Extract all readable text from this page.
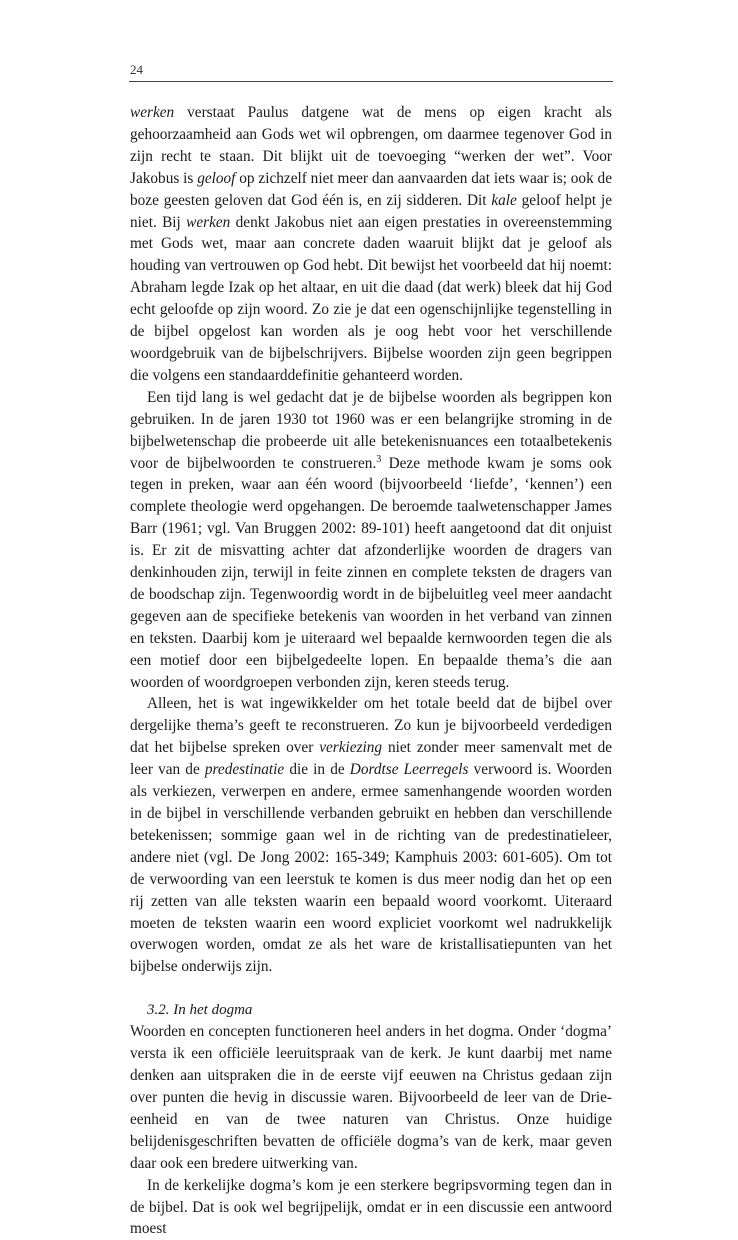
24

werken verstaat Paulus datgene wat de mens op eigen kracht als gehoorzaamheid aan Gods wet wil opbrengen, om daarmee tegenover God in zijn recht te staan. Dit blijkt uit de toevoeging “werken der wet”. Voor Jakobus is geloof op zichzelf niet meer dan aanvaarden dat iets waar is; ook de boze geesten geloven dat God één is, en zij sidderen. Dit kale geloof helpt je niet. Bij werken denkt Jakobus niet aan eigen prestaties in overeenstemming met Gods wet, maar aan concrete daden waaruit blijkt dat je geloof als houding van vertrouwen op God hebt. Dit bewijst het voorbeeld dat hij noemt: Abraham legde Izak op het altaar, en uit die daad (dat werk) bleek dat hij God echt geloofde op zijn woord. Zo zie je dat een ogenschijnlijke tegenstelling in de bijbel opgelost kan worden als je oog hebt voor het verschillende woordgebruik van de bijbelschrijvers. Bijbelse woorden zijn geen begrippen die volgens een standaarddefinitie gehanteerd worden.

Een tijd lang is wel gedacht dat je de bijbelse woorden als begrippen kon gebruiken. In de jaren 1930 tot 1960 was er een belangrijke stroming in de bijbelwetenschap die probeerde uit alle betekenisnuances een totaalbetekenis voor de bijbelwoorden te construeren.$^3$ Deze methode kwam je soms ook tegen in preken, waar aan één woord (bijvoorbeeld ‘liefde’, ‘kennen’) een complete theologie werd opgehangen. De beroemde taalwetenschapper James Barr (1961; vgl. Van Bruggen 2002: 89-101) heeft aangetoond dat dit onjuist is. Er zit de misvatting achter dat afzonderlijke woorden de dragers van denkinhouden zijn, terwijl in feite zinnen en complete teksten de dragers van de boodschap zijn. Tegenwoordig wordt in de bijbeluitleg veel meer aandacht gegeven aan de specifieke betekenis van woorden in het verband van zinnen en teksten. Daarbij kom je uiteraard wel bepaalde kernwoorden tegen die als een motief door een bijbelgedeelte lopen. En bepaalde thema’s die aan woorden of woordgroepen verbonden zijn, keren steeds terug.

Alleen, het is wat ingewikkelder om het totale beeld dat de bijbel over dergelijke thema’s geeft te reconstrueren. Zo kun je bijvoorbeeld verdedigen dat het bijbelse spreken over verkiezing niet zonder meer samenvalt met de leer van de predestinatie die in de Dordtse Leerregels verwoord is. Woorden als verkiezen, verwerpen en andere, ermee samenhangende woorden worden in de bijbel in verschillende verbanden gebruikt en hebben dan verschillende betekenissen; sommige gaan wel in de richting van de predestinatieleer, andere niet (vgl. De Jong 2002: 165-349; Kamphuis 2003: 601-605). Om tot de verwoording van een leerstuk te komen is dus meer nodig dan het op een rij zetten van alle teksten waarin een bepaald woord voorkomt. Uiteraard moeten de teksten waarin een woord expliciet voorkomt wel nadrukkelijk overwogen worden, omdat ze als het ware de kristallisatiepunten van het bijbelse onderwijs zijn.

3.2. In het dogma

Woorden en concepten functioneren heel anders in het dogma. Onder ‘dogma’ versta ik een officiële leeruitspraak van de kerk. Je kunt daarbij met name denken aan uitspraken die in de eerste vijf eeuwen na Christus gedaan zijn over punten die hevig in discussie waren. Bijvoorbeeld de leer van de Drie-eenheid en van de twee naturen van Christus. Onze huidige belijdenisgeschriften bevatten de officiële dogma’s van de kerk, maar geven daar ook een bredere uitwerking van.

In de kerkelijke dogma’s kom je een sterkere begripsvorming tegen dan in de bijbel. Dat is ook wel begrijpelijk, omdat er in een discussie een antwoord moest
